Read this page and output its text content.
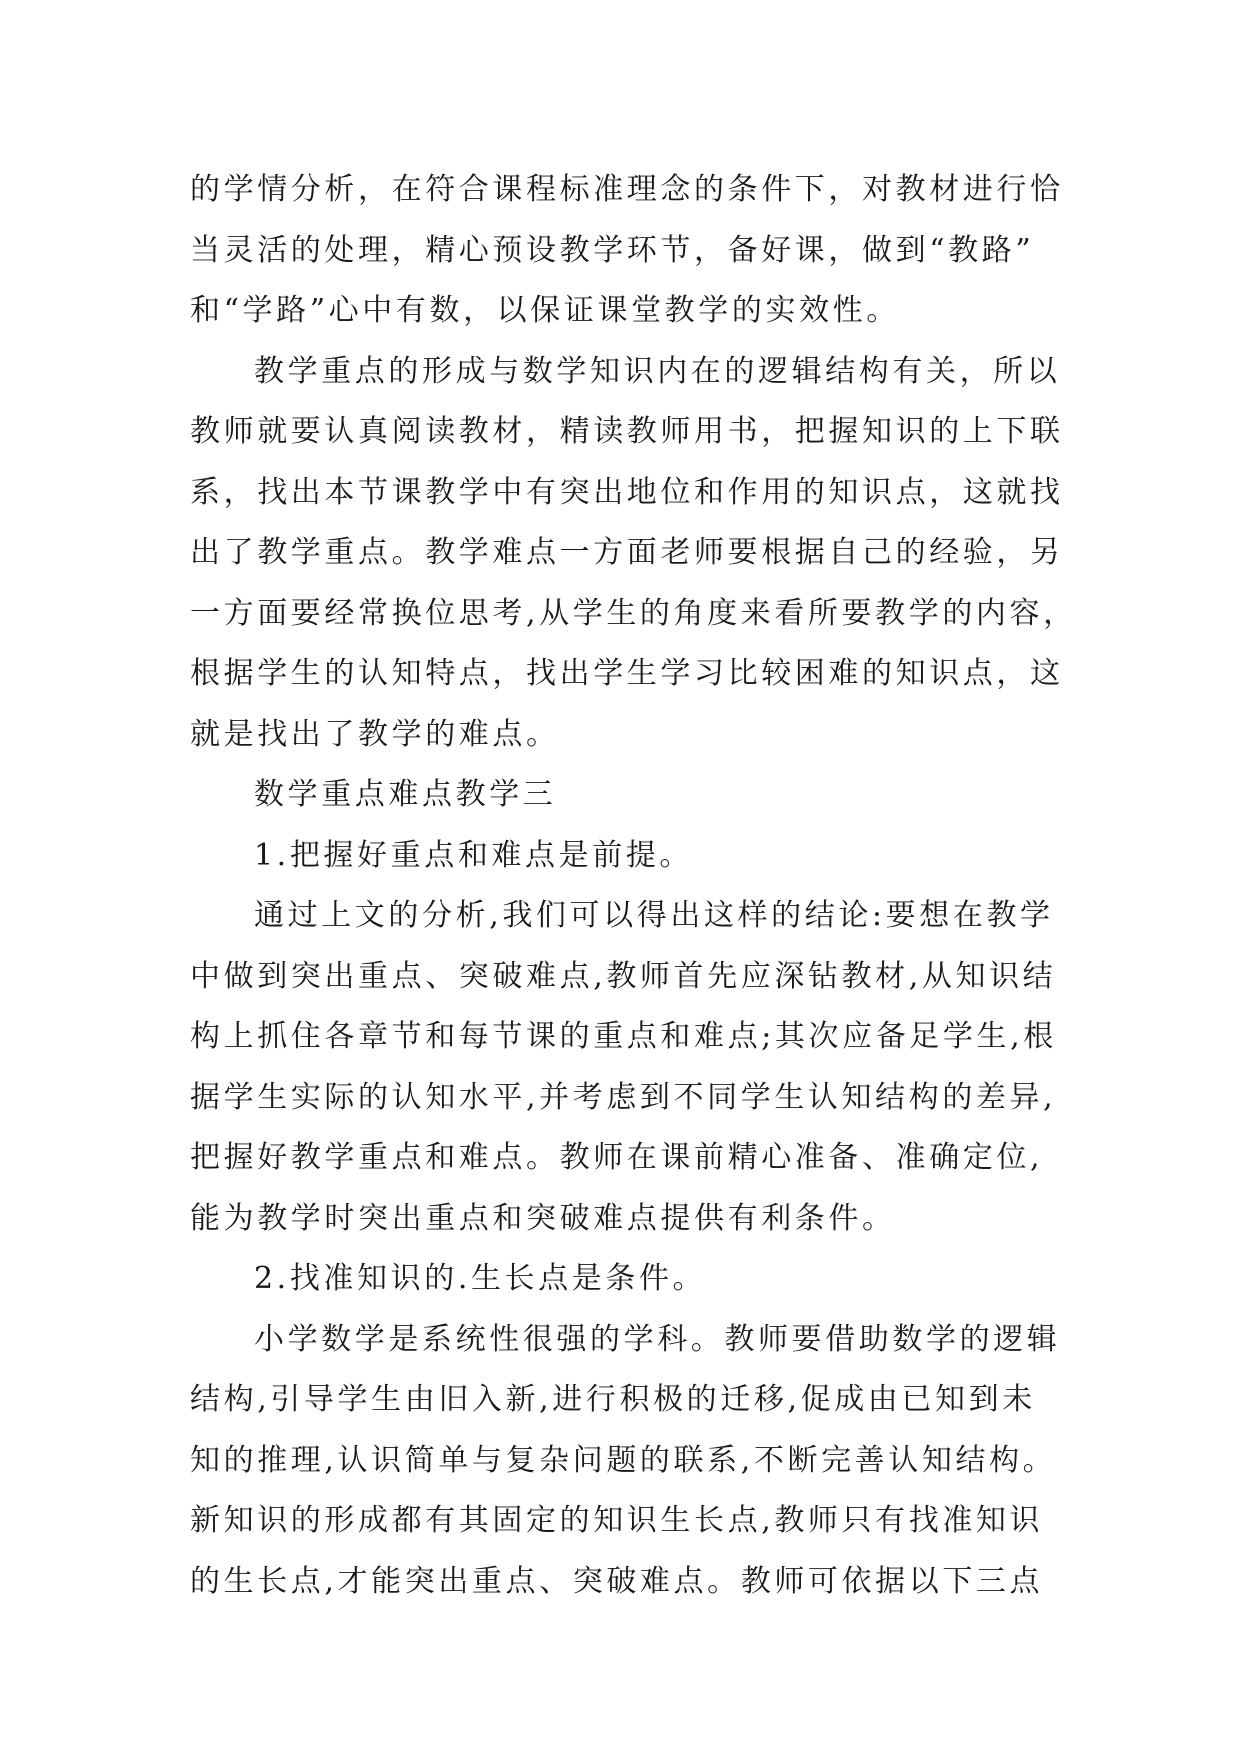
的学情分析，在符合课程标准理念的条件下，对教材进行恰
当灵活的处理，精心预设教学环节，备好课，做到“教路”
和“学路”心中有数，以保证课堂教学的实效性。
教学重点的形成与数学知识内在的逻辑结构有关，所以
教师就要认真阅读教材，精读教师用书，把握知识的上下联
系，找出本节课教学中有突出地位和作用的知识点，这就找
出了教学重点。教学难点一方面老师要根据自己的经验，另
一方面要经常换位思考,从学生的角度来看所要教学的内容，
根据学生的认知特点，找出学生学习比较困难的知识点，这
就是找出了教学的难点。
数学重点难点教学三
1.把握好重点和难点是前提。
通过上文的分析,我们可以得出这样的结论:要想在教学
中做到突出重点、突破难点,教师首先应深钻教材,从知识结
构上抓住各章节和每节课的重点和难点;其次应备足学生,根
据学生实际的认知水平,并考虑到不同学生认知结构的差异,
把握好教学重点和难点。教师在课前精心准备、准确定位,
能为教学时突出重点和突破难点提供有利条件。
2.找准知识的.生长点是条件。
小学数学是系统性很强的学科。教师要借助数学的逻辑
结构,引导学生由旧入新,进行积极的迁移,促成由已知到未
知的推理,认识简单与复杂问题的联系,不断完善认知结构。
新知识的形成都有其固定的知识生长点,教师只有找准知识
的生长点,才能突出重点、突破难点。教师可依据以下三点
